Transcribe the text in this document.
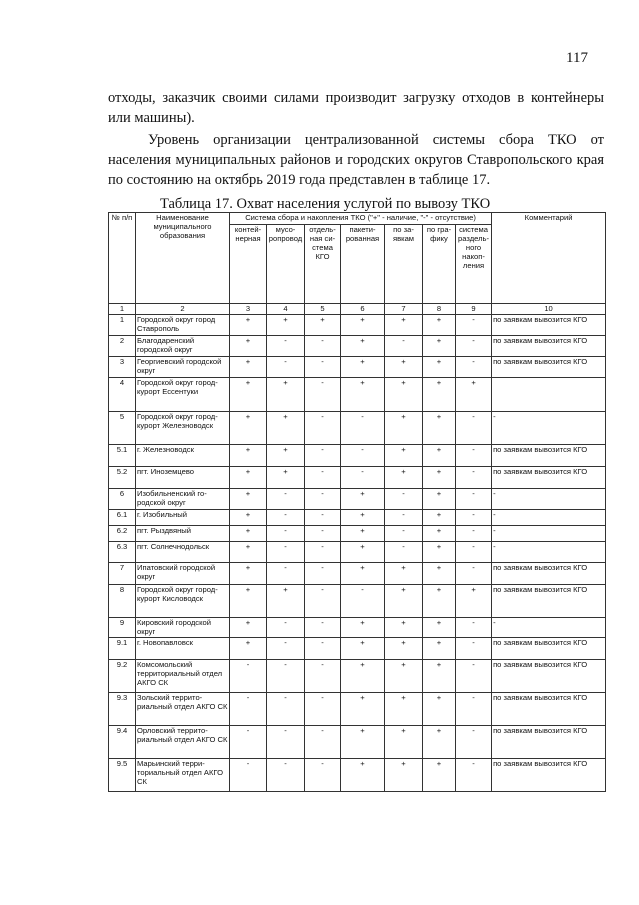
117

отходы, заказчик своими силами производит загрузку отходов в контейнеры или машины).

Уровень организации централизованной системы сбора ТКО от населения муниципальных районов и городских округов Ставропольского края по состоянию на октябрь 2019 года представлен в таблице 17.

Таблица 17. Охват населения услугой по вывозу ТКО
№ п/п	Наименование муниципального образования	Система сбора и накопления ТКО ("+" - наличие, "-" - отсутствие)							Комментарий
		контейнерная	мусоропровод	отдельная система КГО	пакетированная	по заявкам	по графику	система раздельного накопления	
1	2	3	4	5	6	7	8	9	10
1	Городской округ город Ставрополь	+	+	+	+	+	+	-	по заявкам вывозится КГО
2	Благодаренский городской округ	+	-	-	+	-	+	-	по заявкам вывозится КГО
3	Георгиевский городской округ	+	-	-	+	+	+	-	по заявкам вывозится КГО
4	Городской округ город-курорт Ессентуки	+	+	-	+	+	+	+	
5	Городской округ город-курорт Железноводск	+	+	-	-	+	+	-	-
5.1	г. Железноводск	+	+	-	-	+	+	-	по заявкам вывозится КГО
5.2	пгт. Иноземцево	+	+	-	-	+	+	-	по заявкам вывозится КГО
6	Изобильненский городской округ	+	-	-	+	-	+	-	-
6.1	г. Изобильный	+	-	-	+	-	+	-	-
6.2	пгт. Рыздвяный	+	-	-	+	-	+	-	-
6.3	пгт. Солнечнодольск	+	-	-	+	-	+	-	-
7	Ипатовский городской округ	+	-	-	+	+	+	-	по заявкам вывозится КГО
8	Городской округ город-курорт Кисловодск	+	+	-	-	+	+	+	по заявкам вывозится КГО
9	Кировский городской округ	+	-	-	+	+	+	-	-
9.1	г. Новопавловск	+	-	-	+	+	+	-	по заявкам вывозится КГО
9.2	Комсомольский территориальный отдел АКГО СК	-	-	-	+	+	+	-	по заявкам вывозится КГО
9.3	Зольский территориальный отдел АКГО СК	-	-	-	+	+	+	-	по заявкам вывозится КГО
9.4	Орловский территориальный отдел АКГО СК	-	-	-	+	+	+	-	по заявкам вывозится КГО
9.5	Марьинский территориальный отдел АКГО СК	-	-	-	+	+	+	-	по заявкам вывозится КГО
